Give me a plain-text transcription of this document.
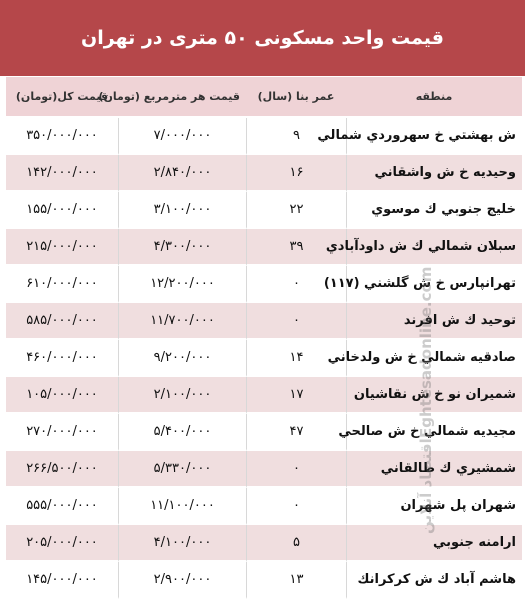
قیمت واحد مسکونی ۵۰ متری در تهران
منطقه	عمر بنا (سال)	قیمت هر مترمربع (تومان)	قیمت کل(تومان)
ش بهشتي خ سهروردي شمالي	۹	۷/۰۰۰/۰۰۰	۳۵۰/۰۰۰/۰۰۰
وحيديه خ ش واشقاني	۱۶	۲/۸۴۰/۰۰۰	۱۴۲/۰۰۰/۰۰۰
خليج جنوبي ك موسوي	۲۲	۳/۱۰۰/۰۰۰	۱۵۵/۰۰۰/۰۰۰
سبلان شمالي ك ش داودآبادي	۳۹	۴/۳۰۰/۰۰۰	۲۱۵/۰۰۰/۰۰۰
تهرانپارس خ ش گلشني (۱۱۷)	۰	۱۲/۲۰۰/۰۰۰	۶۱۰/۰۰۰/۰۰۰
توحيد ك ش افرند	۰	۱۱/۷۰۰/۰۰۰	۵۸۵/۰۰۰/۰۰۰
صادقيه شمالي خ ش ولدخاني	۱۴	۹/۲۰۰/۰۰۰	۴۶۰/۰۰۰/۰۰۰
شميران نو خ ش نقاشيان	۱۷	۲/۱۰۰/۰۰۰	۱۰۵/۰۰۰/۰۰۰
مجيديه شمالي خ ش صالحي	۴۷	۵/۴۰۰/۰۰۰	۲۷۰/۰۰۰/۰۰۰
شمشيري ك طالقاني	۰	۵/۳۳۰/۰۰۰	۲۶۶/۵۰۰/۰۰۰
شهران پل شهران	۰	۱۱/۱۰۰/۰۰۰	۵۵۵/۰۰۰/۰۰۰
ارامنه جنوبي	۵	۴/۱۰۰/۰۰۰	۲۰۵/۰۰۰/۰۰۰
هاشم آباد ك ش كركرانك	۱۳	۲/۹۰۰/۰۰۰	۱۴۵/۰۰۰/۰۰۰
اقتصاد آنلاین
Eghtesadonline.com
